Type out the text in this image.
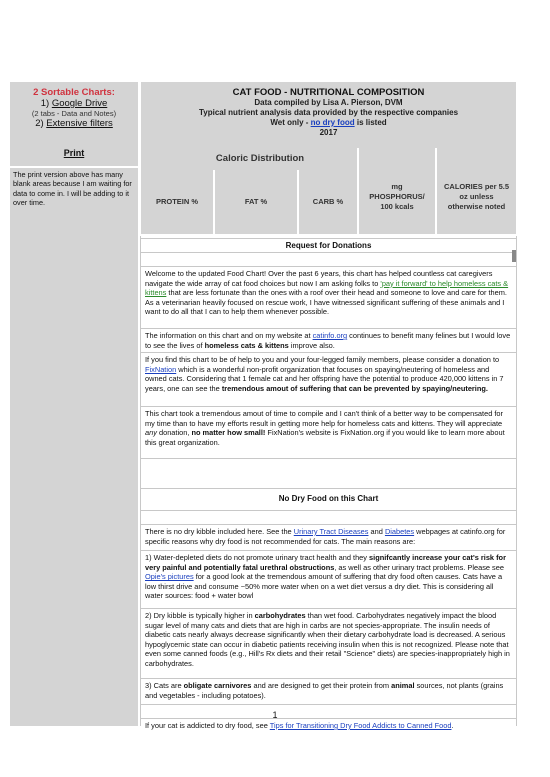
2 Sortable Charts:
1) Google Drive
(2 tabs - Data and Notes)
2) Extensive filters
CAT FOOD - NUTRITIONAL COMPOSITION
Data compiled by Lisa A. Pierson, DVM
Typical nutrient analysis data provided by the respective companies
Wet only - no dry food is listed
2017
Print
The print version above has many blank areas because I am waiting for data to come in. I will be adding to it over time.
Caloric Distribution
PROTEIN %	FAT %	CARB %
mg PHOSPHORUS/ 100 kcals
CALORIES per 5.5 oz unless otherwise noted
Request for Donations
Welcome to the updated Food Chart! Over the past 6 years, this chart has helped countless cat caregivers navigate the wide array of cat food choices but now I am asking folks to 'pay it forward' to help homeless cats & kittens that are less fortunate than the ones with a roof over their head and someone to love and care for them. As a veterinarian heavily focused on rescue work, I have witnessed significant suffering of these animals and I want to do all that I can to help them whenever possible.
The information on this chart and on my website at catinfo.org continues to benefit many felines but I would love to see the lives of homeless cats & kittens improve also.
If you find this chart to be of help to you and your four-legged family members, please consider a donation to FixNation which is a wonderful non-profit organization that focuses on spaying/neutering of homeless and owned cats. Considering that 1 female cat and her offspring have the potential to produce 420,000 kittens in 7 years, one can see the tremendous amout of suffering that can be prevented by spaying/neutering.
This chart took a tremendous amout of time to compile and I can't think of a better way to be compensated for my time than to have my efforts result in getting more help for homeless cats and kittens. They will appreciate any donation, no matter how small! FixNation's website is FixNation.org if you would like to learn more about this great organization.
No Dry Food on this Chart
There is no dry kibble included here. See the Urinary Tract Diseases and Diabetes webpages at catinfo.org for specific reasons why dry food is not recommended for cats. The main reasons are:
1) Water-depleted diets do not promote urinary tract health and they signifcantly increase your cat's risk for very painful and potentially fatal urethral obstructions, as well as other urinary tract problems. Please see Opie's pictures for a good look at the tremendous amount of suffering that dry food often causes. Cats have a low thirst drive and consume ~50% more water when on a wet diet versus a dry diet. This is considering all water sources: food + water bowl
2) Dry kibble is typically higher in carbohydrates than wet food. Carbohydrates negatively impact the blood sugar level of many cats and diets that are high in carbs are not species-appropriate. The insulin needs of diabetic cats nearly always decrease significantly when their dietary carbohydrate load is decreased. A serious hypoglycemic state can occur in diabetic patients receiving insulin when this is not recognized. Please note that even some canned foods (e.g., Hill's Rx diets and their retail "Science" diets) are species-inappropriately high in carbohydrates.
3) Cats are obligate carnivores and are designed to get their protein from animal sources, not plants (grains and vegetables - including potatoes).
If your cat is addicted to dry food, see Tips for Transitioning Dry Food Addicts to Canned Food.
1
